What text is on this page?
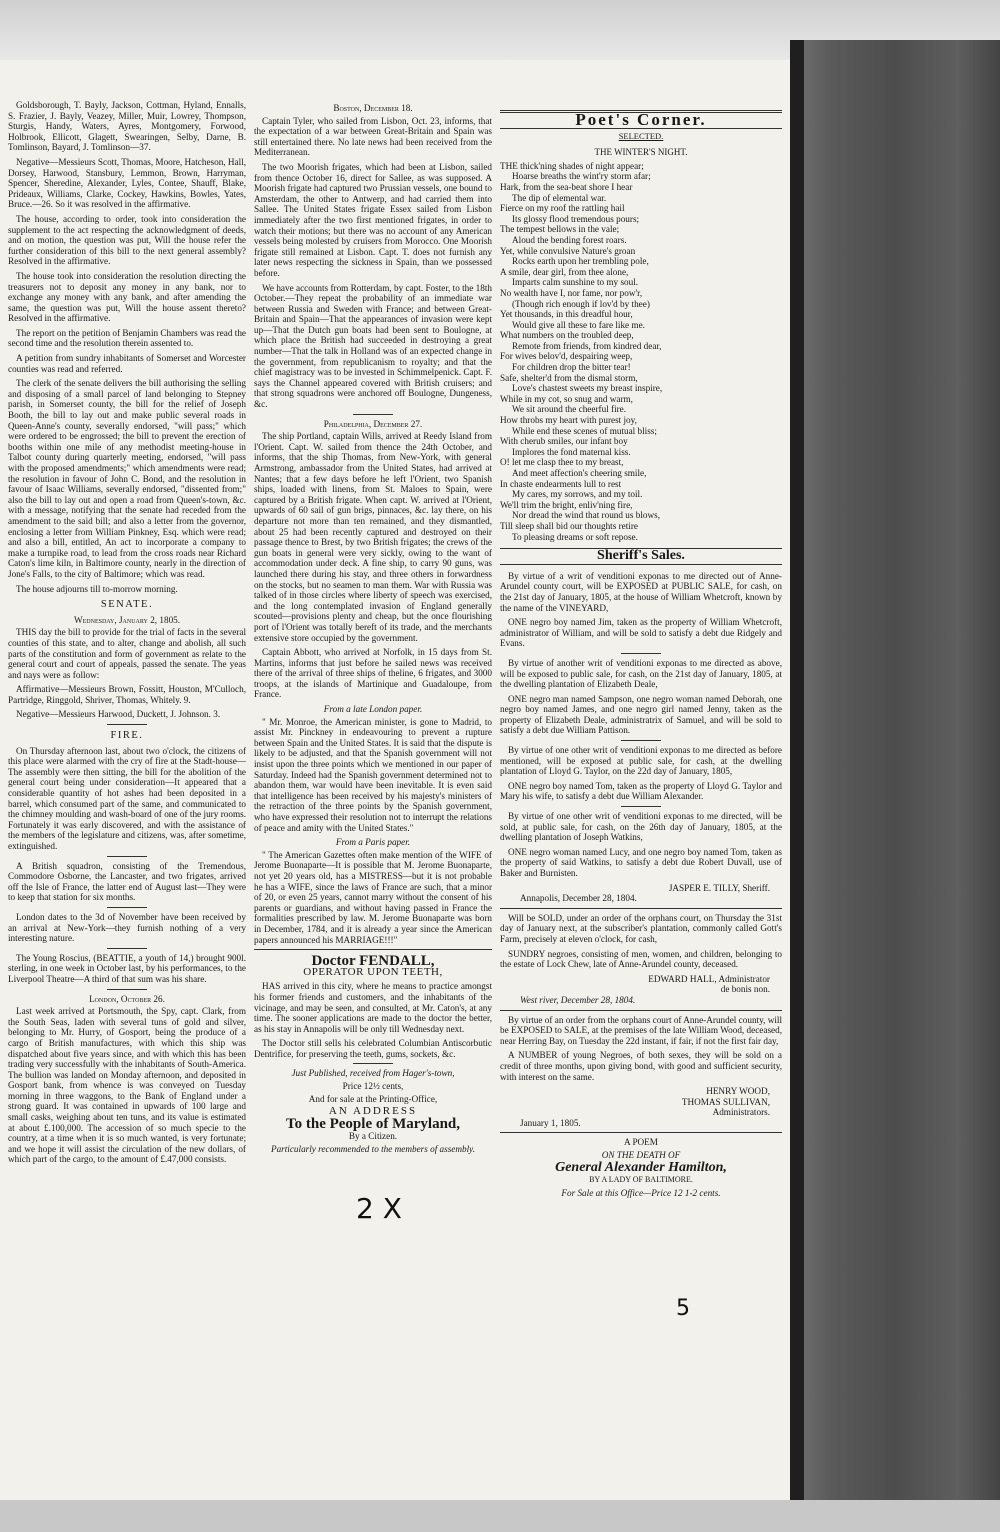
Goldsborough, T. Bayly, Jackson, Cottman, Hyland, Ennalls, S. Frazier, J. Bayly, Veazey, Miller, Muir, Lowrey, Thompson, Sturgis, Handy, Waters, Ayres, Montgomery, Forwood, Holbrook, Ellicott, Glagett, Swearingen, Selby, Darne, B. Tomlinson, Bayard, J. Tomlinson—37.

Negative—Messieurs Scott, Thomas, Moore, Hatcheson, Hall, Dorsey, Harwood, Stansbury, Lemmon, Brown, Harryman, Spencer, Sheredine, Alexander, Lyles, Contee, Shauff, Blake, Prideaux, Williams, Clarke, Cockey, Hawkins, Bowles, Yates, Bruce.—26. So it was resolved in the affirmative.

The house, according to order, took into consideration the supplement to the act respecting the acknowledgment of deeds, and on motion, the question was put, Will the house refer the further consideration of this bill to the next general assembly? Resolved in the affirmative.

The house took into consideration the resolution directing the treasurers not to deposit any money in any bank, nor to exchange any money with any bank, and after amending the same, the question was put, Will the house assent thereto? Resolved in the affirmative.

The report on the petition of Benjamin Chambers was read the second time and the resolution therein assented to.

A petition from sundry inhabitants of Somerset and Worcester counties was read and referred.

The clerk of the senate delivers the bill authorising the selling and disposing of a small parcel of land belonging to Stepney parish, in Somerset county, the bill for the relief of Joseph Booth, the bill to lay out and make public several roads in Queen-Anne's county, severally endorsed, "will pass;" which were ordered to be engrossed; the bill to prevent the erection of booths within one mile of any methodist meeting-house in Talbot county during quarterly meeting, endorsed, "will pass with the proposed amendments;" which amendments were read; the resolution in favour of John C. Bond, and the resolution in favour of Isaac Williams, severally endorsed, "dissented from;" also the bill to lay out and open a road from Queen's-town, &c. with a message, notifying that the senate had receded from the amendment to the said bill; and also a letter from the governor, enclosing a letter from William Pinkney, Esq. which were read; and also a bill, entitled, An act to incorporate a company to make a turnpike road, to lead from the cross roads near Richard Caton's lime kiln, in Baltimore county, nearly in the direction of Jone's Falls, to the city of Baltimore; which was read.

The house adjourns till to-morrow morning.

SENATE.
Wednesday, January 2, 1805.

THIS day the bill to provide for the trial of facts in the several counties of this state, and to alter, change and abolish, all such parts of the constitution and form of government as relate to the general court and court of appeals, passed the senate. The yeas and nays were as follow:

Affirmative—Messieurs Brown, Fossitt, Houston, M'Culloch, Partridge, Ringgold, Shriver, Thomas, Whitely. 9.

Negative—Messieurs Harwood, Duckett, J. Johnson. 3.

FIRE.

On Thursday afternoon last, about two o'clock, the citizens of this place were alarmed with the cry of fire at the Stadt-house—The assembly were then sitting, the bill for the abolition of the general court being under consideration—It appeared that a considerable quantity of hot ashes had been deposited in a barrel, which consumed part of the same, and communicated to the chimney moulding and wash-board of one of the jury rooms. Fortunately it was early discovered, and with the assistance of the members of the legislature and citizens, was, after sometime, extinguished.

A British squadron, consisting of the Tremendous, Commodore Osborne, the Lancaster, and two frigates, arrived off the Isle of France, the latter end of August last—They were to keep that station for six months.

London dates to the 3d of November have been received by an arrival at New-York—they furnish nothing of a very interesting nature.

The Young Roscius, (BEATTIE, a youth of 14,) brought 900l. sterling, in one week in October last, by his performances, to the Liverpool Theatre—A third of that sum was his share.

London, October 26.

Last week arrived at Portsmouth, the Spy, capt. Clark, from the South Seas, laden with several tuns of gold and silver, belonging to Mr. Hurry, of Gosport, being the produce of a cargo of British manufactures, with which this ship was dispatched about five years since, and with which this has been trading very successfully with the inhabitants of South-America. The bullion was landed on Monday afternoon, and deposited in Gosport bank, from whence is was conveyed on Tuesday morning in three waggons, to the Bank of England under a strong guard. It was contained in upwards of 100 large and small casks, weighing about ten tuns, and its value is estimated at about £.100,000. The accession of so much specie to the country, at a time when it is so much wanted, is very fortunate; and we hope it will assist the circulation of the new dollars, of which part of the cargo, to the amount of £.47,000 consists.

Boston, December 18.

Captain Tyler, who sailed from Lisbon, Oct. 23, informs, that the expectation of a war between Great-Britain and Spain was still entertained there. No late news had been received from the Mediterranean.

The two Moorish frigates, which had been at Lisbon, sailed from thence October 16, direct for Sallee, as was supposed. A Moorish frigate had captured two Prussian vessels, one bound to Amsterdam, the other to Antwerp, and had carried them into Sallee. The United States frigate Essex sailed from Lisbon immediately after the two first mentioned frigates, in order to watch their motions; but there was no account of any American vessels being molested by cruisers from Morocco. One Moorish frigate still remained at Lisbon. Capt. T. does not furnish any later news respecting the sickness in Spain, than we possessed before.

We have accounts from Rotterdam, by capt. Foster, to the 18th October.—They repeat the probability of an immediate war between Russia and Sweden with France; and between Great-Britain and Spain—That the appearances of invasion were kept up—That the Dutch gun boats had been sent to Boulogne, at which place the British had succeeded in destroying a great number—That the talk in Holland was of an expected change in the government, from republicanism to royalty; and that the chief magistracy was to be invested in Schimmelpenick. Capt. F. says the Channel appeared covered with British cruisers; and that strong squadrons were anchored off Boulogne, Dungeness, &c.

Philadelphia, December 27.

The ship Portland, captain Wills, arrived at Reedy Island from l'Orient. Capt. W. sailed from thence the 24th October, and informs, that the ship Thomas, from New-York, with general Armstrong, ambassador from the United States, had arrived at Nantes; that a few days before he left l'Orient, two Spanish ships, loaded with linens, from St. Maloes to Spain, were captured by a British frigate. When capt. W. arrived at l'Orient, upwards of 60 sail of gun brigs, pinnaces, &c. lay there, on his departure not more than ten remained, and they dismantled, about 25 had been recently captured and destroyed on their passage thence to Brest, by two British frigates; the crews of the gun boats in general were very sickly, owing to the want of accommodation under deck. A fine ship, to carry 90 guns, was launched there during his stay, and three others in forwardness on the stocks, but no seamen to man them. War with Russia was talked of in those circles where liberty of speech was exercised, and the long contemplated invasion of England generally scouted—provisions plenty and cheap, but the once flourishing port of l'Orient was totally bereft of its trade, and the merchants extensive store occupied by the government.

Captain Abbott, who arrived at Norfolk, in 15 days from St. Martins, informs that just before he sailed news was received there of the arrival of three ships of theline, 6 frigates, and 3000 troops, at the islands of Martinique and Guadaloupe, from France.

From a late London paper.

" Mr. Monroe, the American minister, is gone to Madrid, to assist Mr. Pinckney in endeavouring to prevent a rupture between Spain and the United States. It is said that the dispute is likely to be adjusted, and that the Spanish government will not insist upon the three points which we mentioned in our paper of Saturday. Indeed had the Spanish government determined not to abandon them, war would have been inevitable. It is even said that intelligence has been received by his majesty's ministers of the retraction of the three points by the Spanish government, who have expressed their resolution not to interrupt the relations of peace and amity with the United States."

From a Paris paper.

" The American Gazettes often make mention of the WIFE of Jerome Buonaparte—It is possible that M. Jerome Buonaparte, not yet 20 years old, has a MISTRESS—but it is not probable he has a WIFE, since the laws of France are such, that a minor of 20, or even 25 years, cannot marry without the consent of his parents or guardians, and without having passed in France the formalities prescribed by law. M. Jerome Buonaparte was born in December, 1784, and it is already a year since the American papers announced his MARRIAGE!!!"

Doctor FENDALL,
OPERATOR UPON TEETH,

HAS arrived in this city, where he means to practice amongst his former friends and customers, and the inhabitants of the vicinage, and may be seen, and consulted, at Mr. Caton's, at any time. The sooner applications are made to the doctor the better, as his stay in Annapolis will be only till Wednesday next.

The Doctor still sells his celebrated Columbian Antiscorbutic Dentrifice, for preserving the teeth, gums, sockets, &c.

Just Published, received from Hager's-town,
Price 12½ cents,
And for sale at the Printing-Office,
AN ADDRESS
To the People of Maryland,
By a Citizen.
Particularly recommended to the members of assembly.
Poet's Corner.
SELECTED.
THE WINTER'S NIGHT.
THE thick'ning shades of night appear;
Hoarse breaths the wint'ry storm afar;
Hark, from the sea-beat shore I hear
The dip of elemental war.
Fierce on my roof the rattling hail
Its glossy flood tremendous pours;
The tempest bellows in the vale;
Aloud the bending forest roars.
Yet, while convulsive Nature's groan
Rocks earth upon her trembling pole,
A smile, dear girl, from thee alone,
Imparts calm sunshine to my soul.
No wealth have I, nor fame, nor pow'r,
(Though rich enough if lov'd by thee)
Yet thousands, in this dreadful hour,
Would give all these to fare like me.
What numbers on the troubled deep,
Remote from friends, from kindred dear,
For wives belov'd, despairing weep,
For children drop the bitter tear!
Safe, shelter'd from the dismal storm,
Love's chastest sweets my breast inspire,
While in my cot, so snug and warm,
We sit around the cheerful fire.
How throbs my heart with purest joy,
While end these scenes of mutual bliss;
With cherub smiles, our infant boy
Implores the fond maternal kiss.
O! let me clasp thee to my breast,
And meet affection's cheering smile,
In chaste endearments lull to rest
My cares, my sorrows, and my toil.
We'll trim the bright, enliv'ning fire,
Nor dread the wind that round us blows,
Till sleep shall bid our thoughts retire
To pleasing dreams or soft repose.
Sheriff's Sales.

By virtue of a writ of venditioni exponas to me directed out of Anne-Arundel county court, will be EXPOSED at PUBLIC SALE, for cash, on the 21st day of January, 1805, at the house of William Whetcroft, known by the name of the VINEYARD,

ONE negro boy named Jim, taken as the property of William Whetcroft, administrator of William, and will be sold to satisfy a debt due Ridgely and Evans.

By virtue of another writ of venditioni exponas to me directed as above, will be exposed to public sale, for cash, on the 21st day of January, 1805, at the dwelling plantation of Elizabeth Deale,

ONE negro man named Sampson, one negro woman named Deborah, one negro boy named James, and one negro girl named Jenny, taken as the property of Elizabeth Deale, administratrix of Samuel, and will be sold to satisfy a debt due William Pattison.

By virtue of one other writ of venditioni exponas to me directed as before mentioned, will be exposed at public sale, for cash, at the dwelling plantation of Lloyd G. Taylor, on the 22d day of January, 1805,

ONE negro boy named Tom, taken as the property of Lloyd G. Taylor and Mary his wife, to satisfy a debt due William Alexander.

By virtue of one other writ of venditioni exponas to me directed, will be sold, at public sale, for cash, on the 26th day of January, 1805, at the dwelling plantation of Joseph Watkins,

ONE negro woman named Lucy, and one negro boy named Tom, taken as the property of said Watkins, to satisfy a debt due Robert Duvall, use of Baker and Burnisten.

JASPER E. TILLY, Sheriff.
Annapolis, December 28, 1804.

Will be SOLD, under an order of the orphans court, on Thursday the 31st day of January next, at the subscriber's plantation, commonly called Gott's Farm, precisely at eleven o'clock, for cash,

SUNDRY negroes, consisting of men, women, and children, belonging to the estate of Lock Chew, late of Anne-Arundel county, deceased.

EDWARD HALL, Administrator
de bonis non.
West river, December 28, 1804.

By virtue of an order from the orphans court of Anne-Arundel county, will be EXPOSED to SALE, at the premises of the late William Wood, deceased, near Herring Bay, on Tuesday the 22d instant, if fair, if not the first fair day,

A NUMBER of young Negroes, of both sexes, they will be sold on a credit of three months, upon giving bond, with good and sufficient security, with interest on the same.

HENRY WOOD,
THOMAS SULLIVAN,
Administrators.
January 1, 1805.
A POEM
ON THE DEATH OF
General Alexander Hamilton,
BY A LADY OF BALTIMORE.
For Sale at this Office—Price 12 1-2 cents.
2 X
5
